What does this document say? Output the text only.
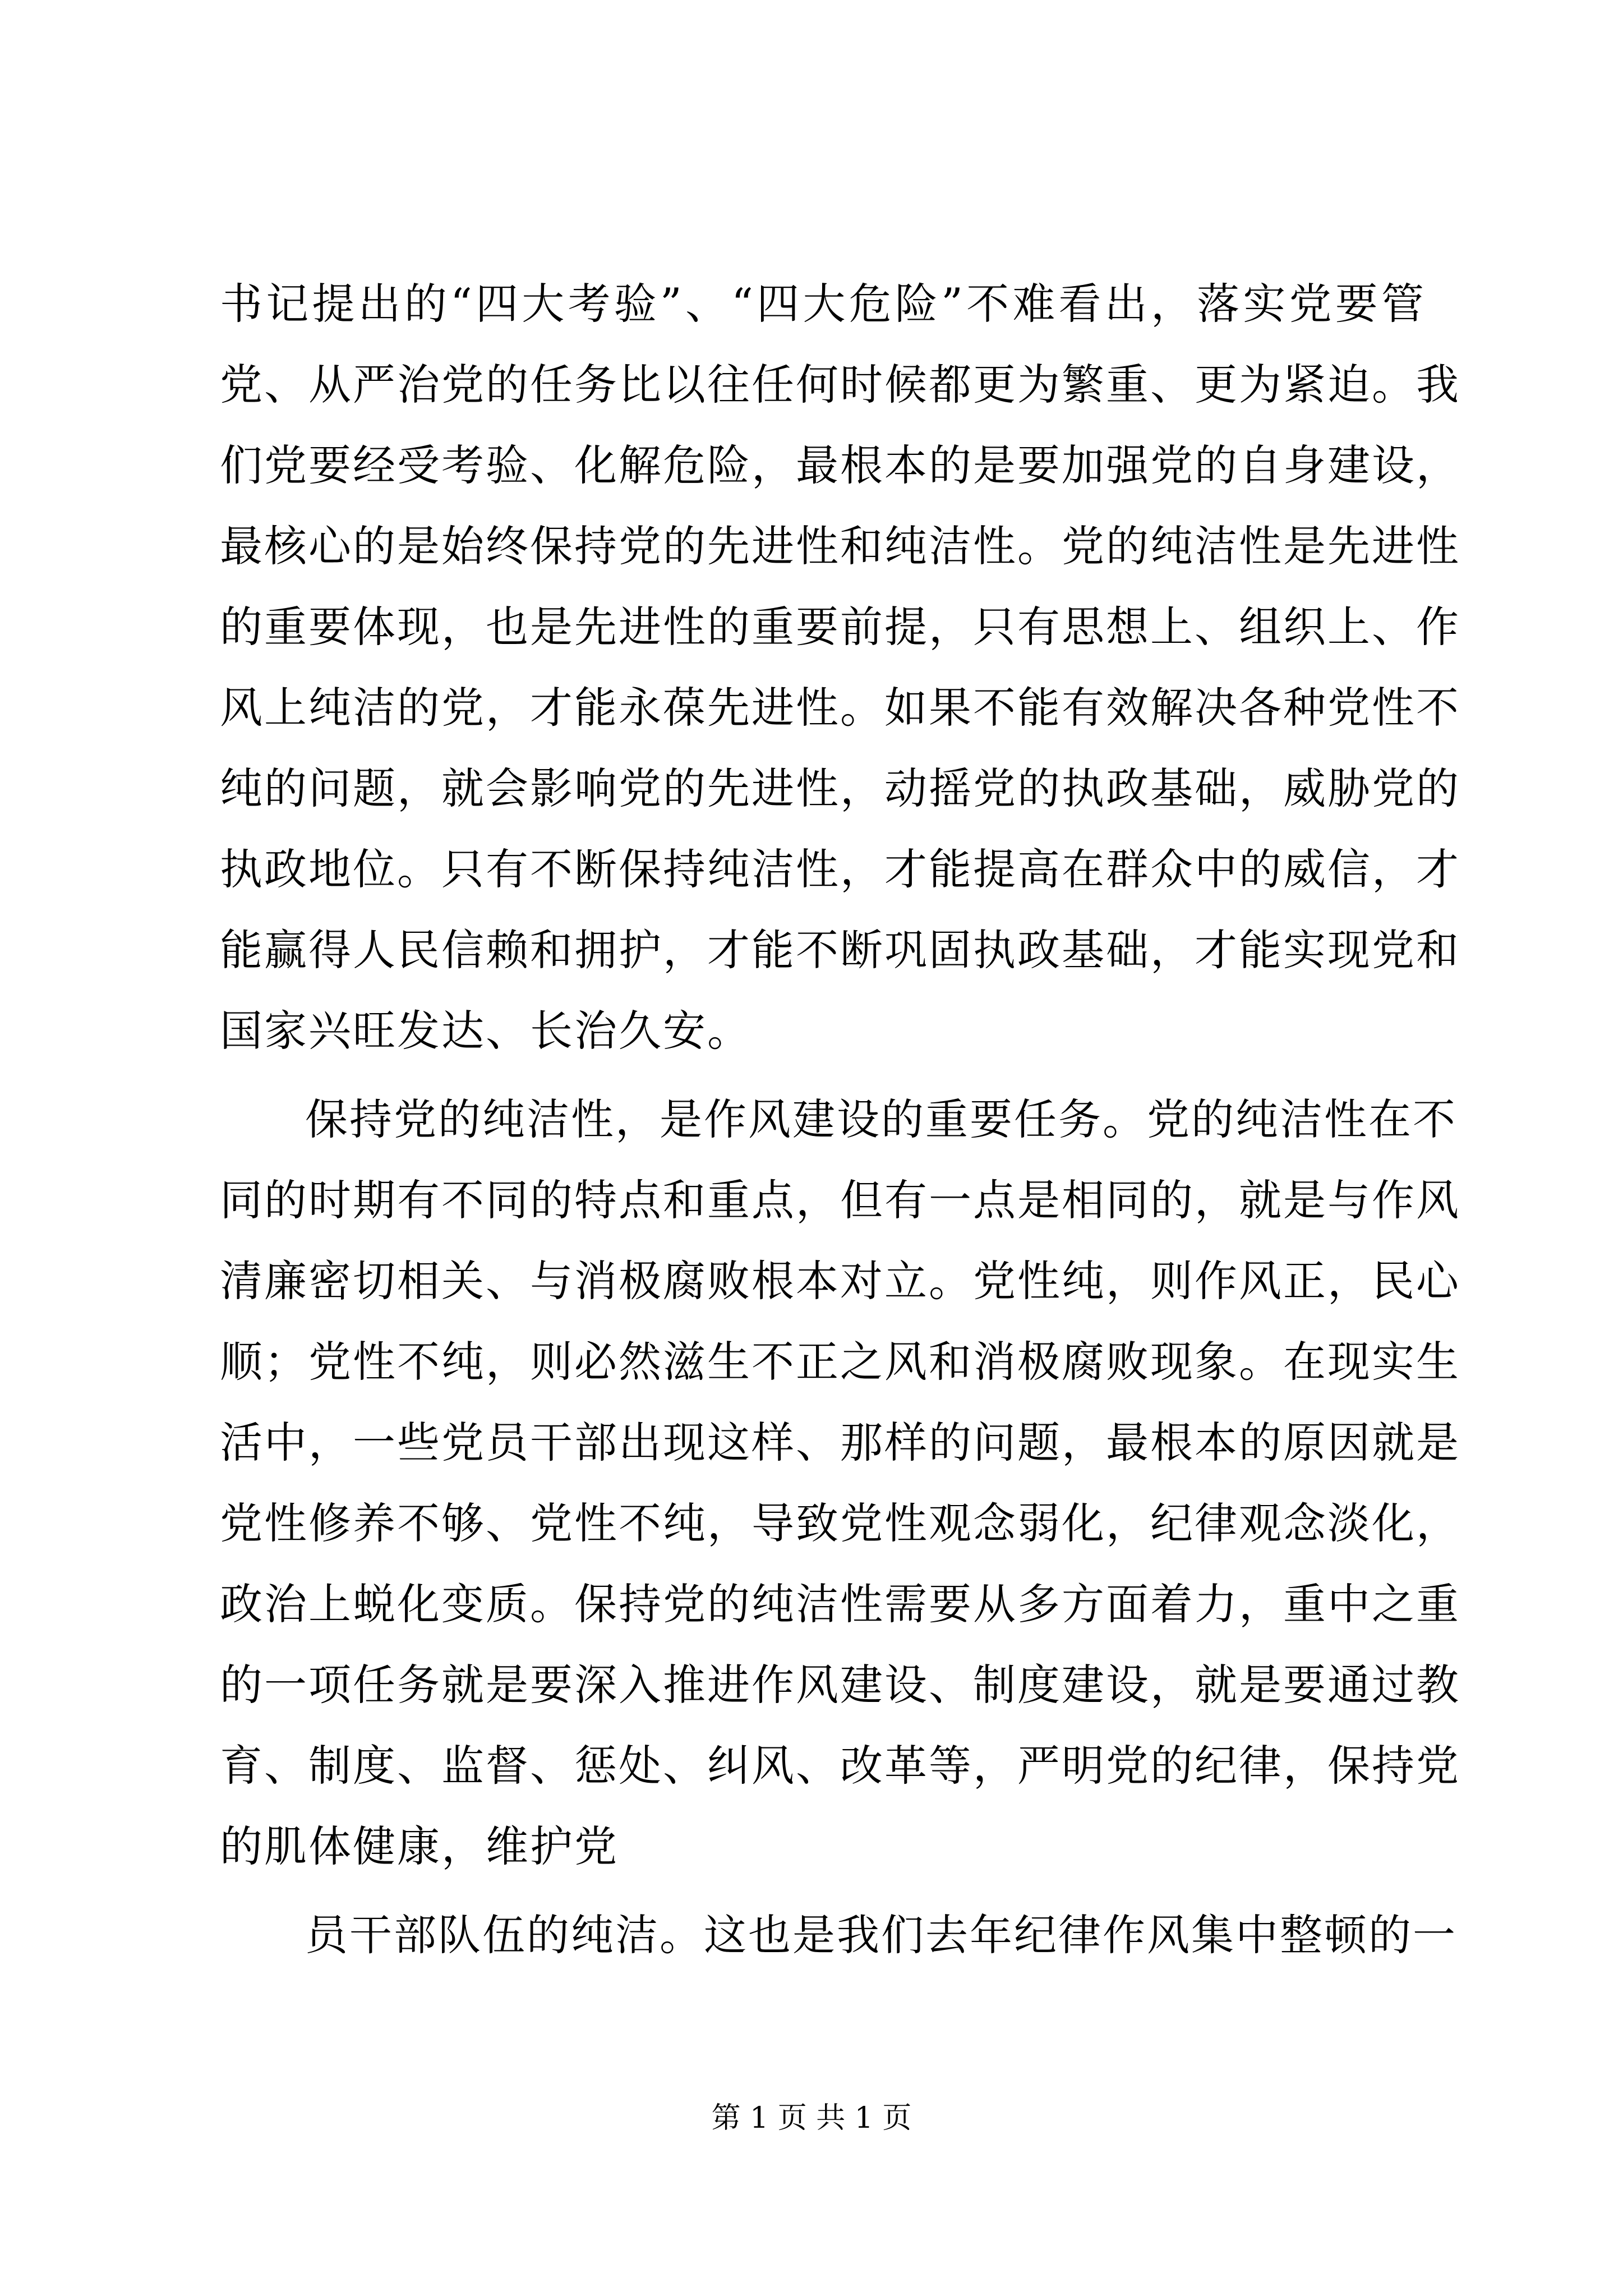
书记提出的“四大考验”、“四大危险”不难看出，落实党要管
党、从严治党的任务比以往任何时候都更为繁重、更为紧迫。我
们党要经受考验、化解危险，最根本的是要加强党的自身建设，
最核心的是始终保持党的先进性和纯洁性。党的纯洁性是先进性
的重要体现，也是先进性的重要前提，只有思想上、组织上、作
风上纯洁的党，才能永葆先进性。如果不能有效解决各种党性不
纯的问题，就会影响党的先进性，动摇党的执政基础，威胁党的
执政地位。只有不断保持纯洁性，才能提高在群众中的威信，才
能赢得人民信赖和拥护，才能不断巩固执政基础，才能实现党和
国家兴旺发达、长治久安。
保持党的纯洁性，是作风建设的重要任务。党的纯洁性在不
同的时期有不同的特点和重点，但有一点是相同的，就是与作风
清廉密切相关、与消极腐败根本对立。党性纯，则作风正，民心
顺；党性不纯，则必然滋生不正之风和消极腐败现象。在现实生
活中，一些党员干部出现这样、那样的问题，最根本的原因就是
党性修养不够、党性不纯，导致党性观念弱化，纪律观念淡化，
政治上蜕化变质。保持党的纯洁性需要从多方面着力，重中之重
的一项任务就是要深入推进作风建设、制度建设，就是要通过教
育、制度、监督、惩处、纠风、改革等，严明党的纪律，保持党
的肌体健康，维护党
员干部队伍的纯洁。这也是我们去年纪律作风集中整顿的一
第 1 页 共 1 页
